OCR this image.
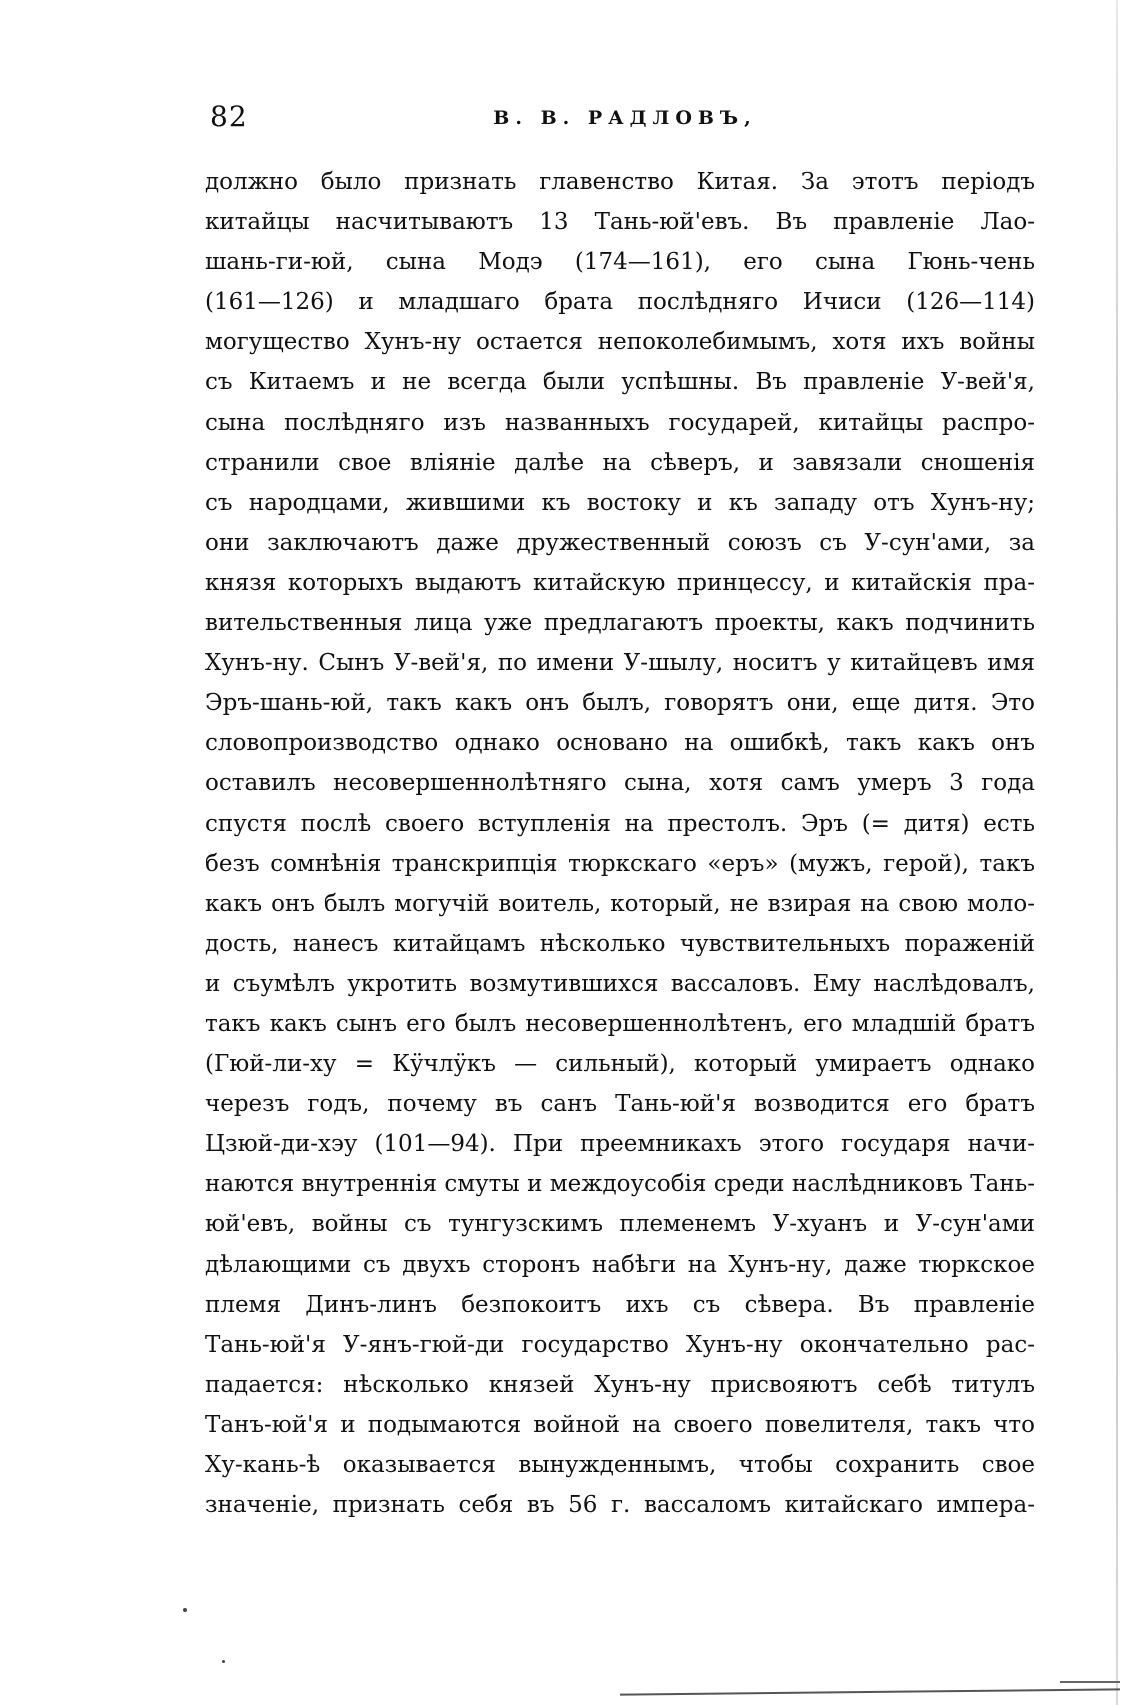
82	В. В. РАДЛОВЪ,
должно было признать главенство Китая. За этотъ періодъ
китайцы насчитываютъ 13 Тань-юй'евъ. Въ правленіе Лао-
шань-ги-юй, сына Модэ (174—161), его сына Гюнь-чень
(161—126) и младшаго брата послѣдняго Ичиси (126—114)
могущество Хунъ-ну остается непоколебимымъ, хотя ихъ войны
съ Китаемъ и не всегда были успѣшны. Въ правленіе У-вей'я,
сына послѣдняго изъ названныхъ государей, китайцы распро-
странили свое вліяніе далѣе на сѣверъ, и завязали сношенія
съ народцами, жившими къ востоку и къ западу отъ Хунъ-ну;
они заключаютъ даже дружественный союзъ съ У-сун'ами, за
князя которыхъ выдаютъ китайскую принцессу, и китайскія пра-
вительственныя лица уже предлагаютъ проекты, какъ подчинить
Хунъ-ну. Сынъ У-вей'я, по имени У-шылу, носитъ у китайцевъ имя
Эръ-шань-юй, такъ какъ онъ былъ, говорятъ они, еще дитя. Это
словопроизводство однако основано на ошибкѣ, такъ какъ онъ
оставилъ несовершеннолѣтняго сына, хотя самъ умеръ 3 года
спустя послѣ своего вступленія на престолъ. Эръ (= дитя) есть
безъ сомнѣнія транскрипція тюркскаго «еръ» (мужъ, герой), такъ
какъ онъ былъ могучій воитель, который, не взирая на свою моло-
дость, нанесъ китайцамъ нѣсколько чувствительныхъ пораженій
и съумѣлъ укротить возмутившихся вассаловъ. Ему наслѣдовалъ,
такъ какъ сынъ его былъ несовершеннолѣтенъ, его младшій братъ
(Гюй-ли-ху = Кӱчлӱкъ — сильный), который умираетъ однако
черезъ годъ, почему въ санъ Тань-юй'я возводится его братъ
Цзюй-ди-хэу (101—94). При преемникахъ этого государя начи-
наются внутреннія смуты и междоусобія среди наслѣдниковъ Тань-
юй'евъ, войны съ тунгузскимъ племенемъ У-хуанъ и У-сун'ами
дѣлающими съ двухъ сторонъ набѣги на Хунъ-ну, даже тюркское
племя Динъ-линъ безпокоитъ ихъ съ сѣвера. Въ правленіе
Тань-юй'я У-янъ-гюй-ди государство Хунъ-ну окончательно рас-
падается: нѣсколько князей Хунъ-ну присвояютъ себѣ титулъ
Танъ-юй'я и подымаются войной на своего повелителя, такъ что
Ху-кань-ѣ оказывается вынужденнымъ, чтобы сохранить свое
значеніе, признать себя въ 56 г. вассаломъ китайскаго импера-
